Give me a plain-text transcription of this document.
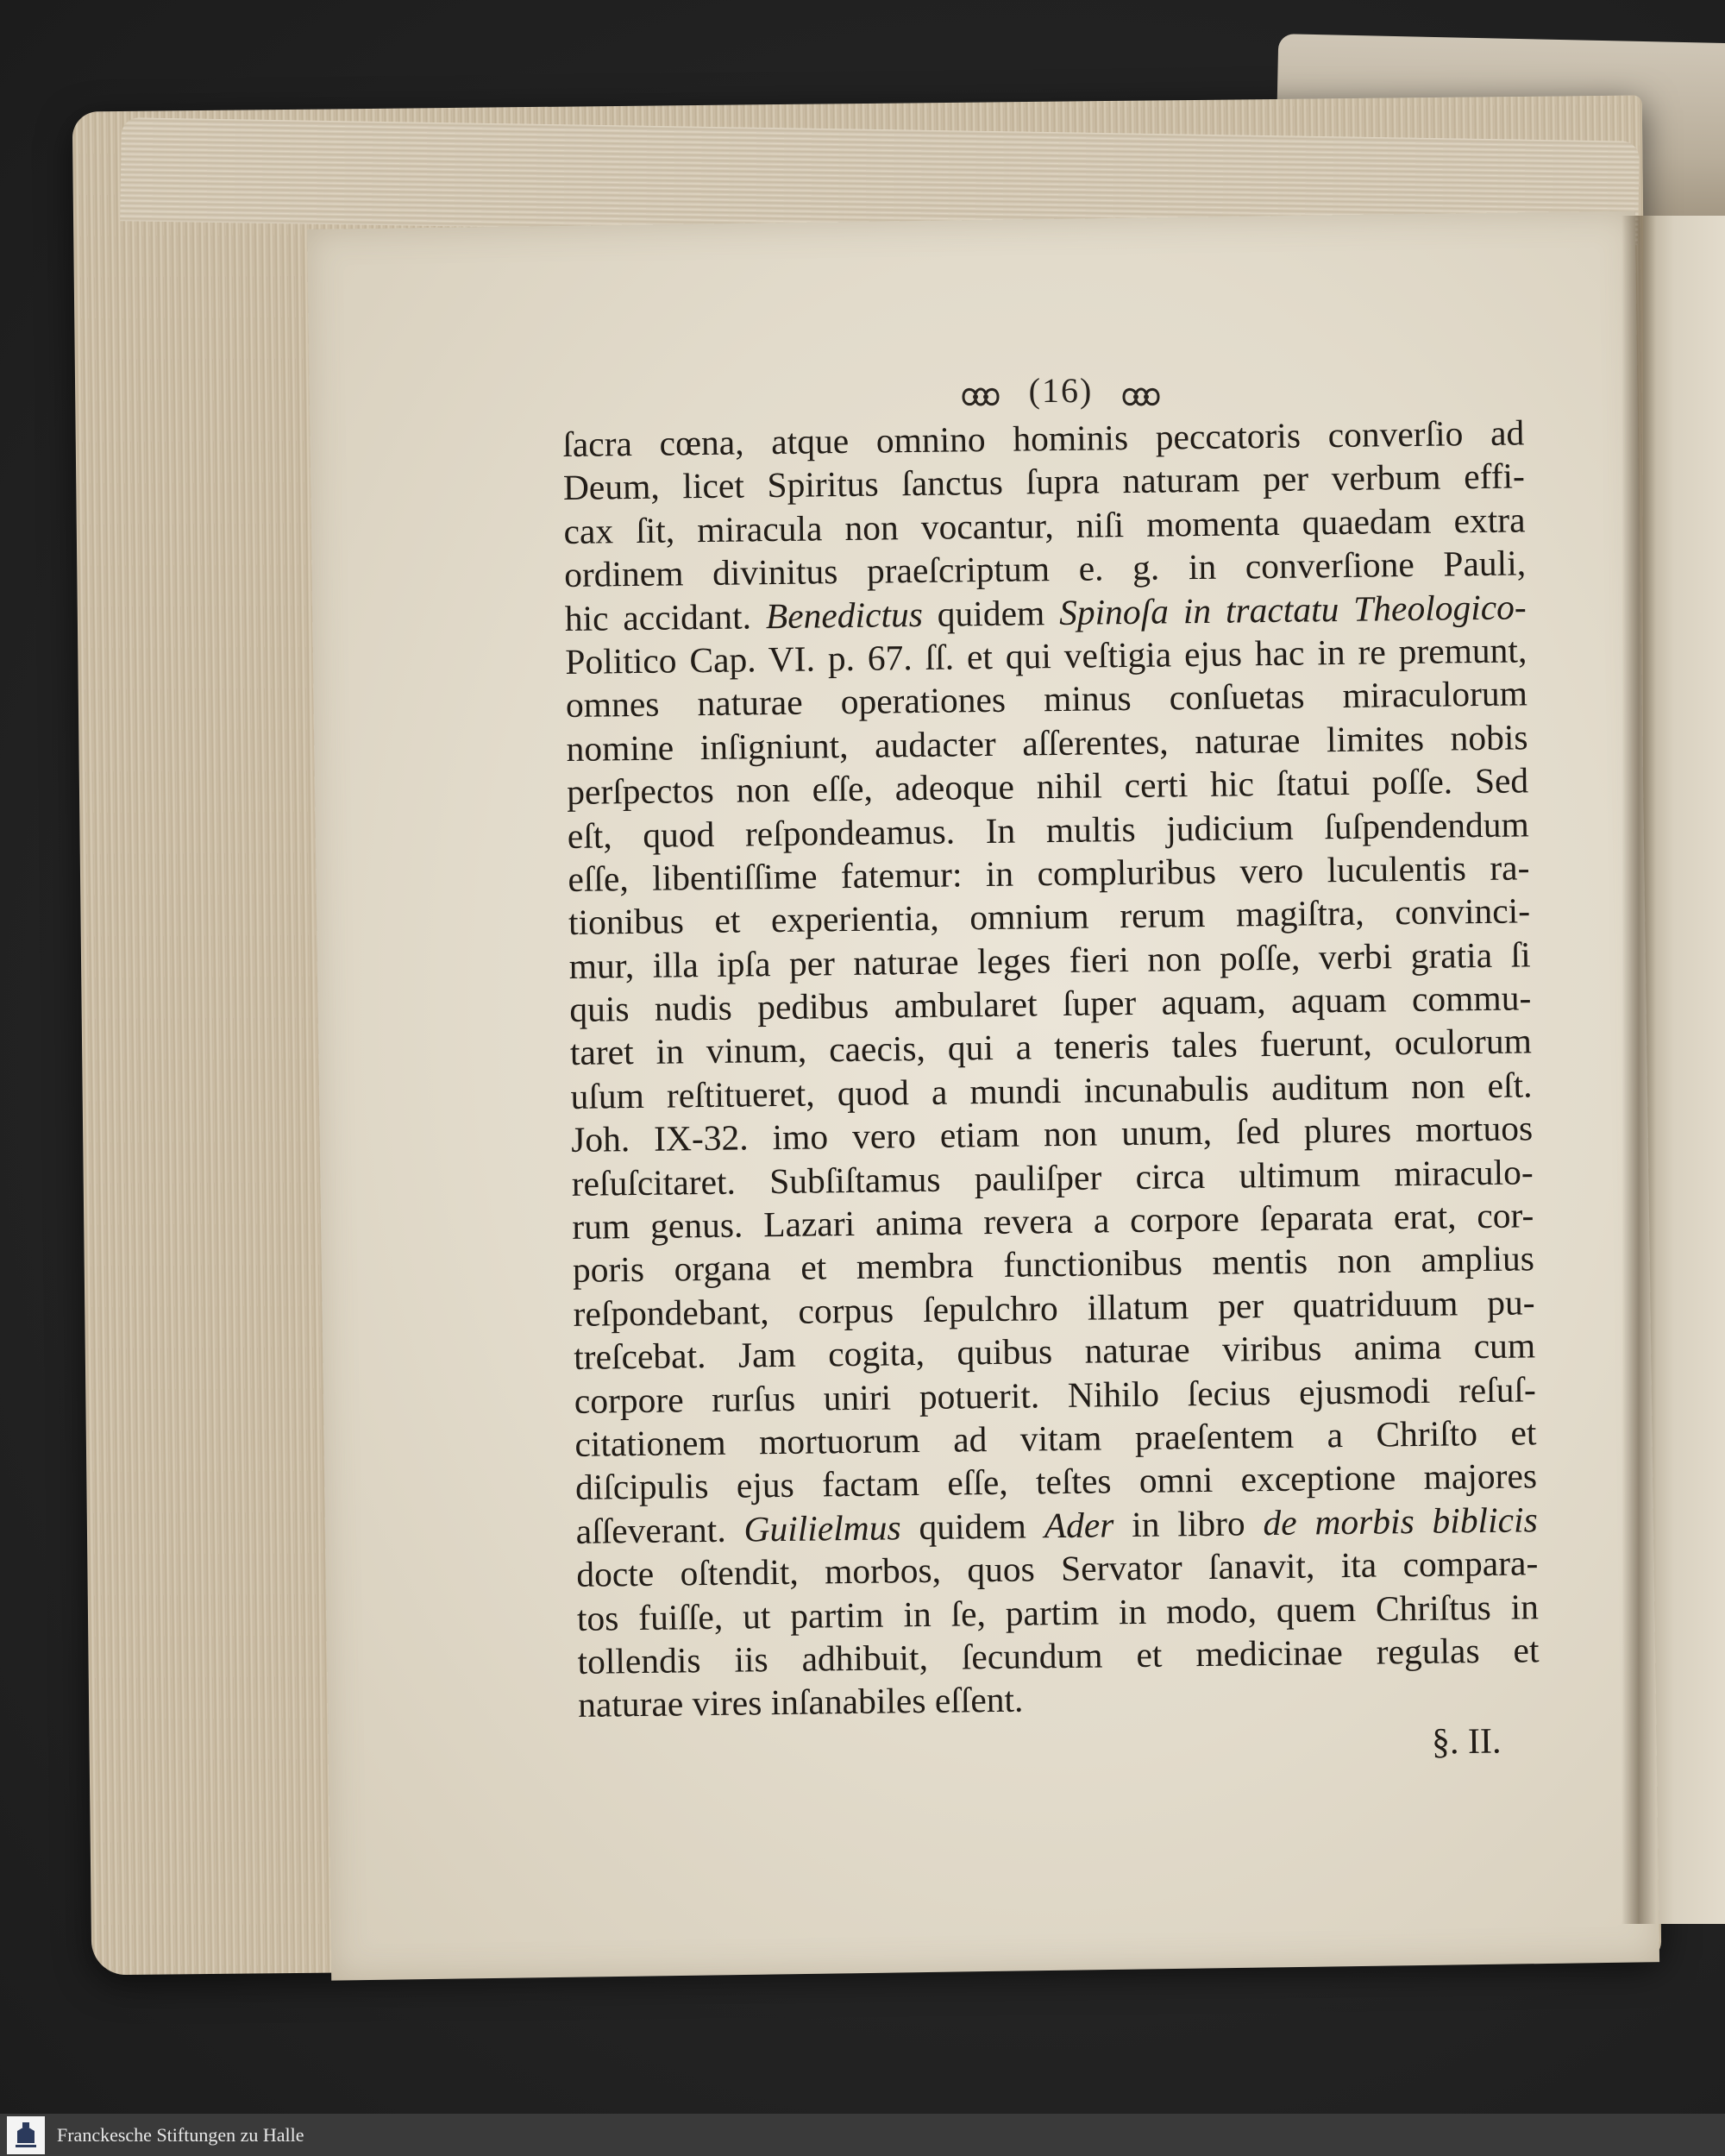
(16)
ſacra cœna, atque omnino hominis peccatoris converſio ad
Deum, licet Spiritus ſanctus ſupra naturam per verbum effi-
cax ſit, miracula non vocantur, niſi momenta quaedam extra
ordinem divinitus praeſcriptum e. g. in converſione Pauli,
hic accidant. Benedictus quidem Spinoſa in tractatu Theologico-
Politico Cap. VI. p. 67. ſſ. et qui veſtigia ejus hac in re premunt,
omnes naturae operationes minus conſuetas miraculorum
nomine inſigniunt, audacter aſſerentes, naturae limites nobis
perſpectos non eſſe, adeoque nihil certi hic ſtatui poſſe. Sed
eſt, quod reſpondeamus. In multis judicium ſuſpendendum
eſſe, libentiſſime fatemur: in compluribus vero luculentis ra-
tionibus et experientia, omnium rerum magiſtra, convinci-
mur, illa ipſa per naturae leges fieri non poſſe, verbi gratia ſi
quis nudis pedibus ambularet ſuper aquam, aquam commu-
taret in vinum, caecis, qui a teneris tales fuerunt, oculorum
uſum reſtitueret, quod a mundi incunabulis auditum non eſt.
Joh. IX-32. imo vero etiam non unum, ſed plures mortuos
reſuſcitaret. Subſiſtamus pauliſper circa ultimum miraculo-
rum genus. Lazari anima revera a corpore ſeparata erat, cor-
poris organa et membra functionibus mentis non amplius
reſpondebant, corpus ſepulchro illatum per quatriduum pu-
treſcebat. Jam cogita, quibus naturae viribus anima cum
corpore rurſus uniri potuerit. Nihilo ſecius ejusmodi reſuſ-
citationem mortuorum ad vitam praeſentem a Chriſto et
diſcipulis ejus factam eſſe, teſtes omni exceptione majores
aſſeverant. Guilielmus quidem Ader in libro de morbis biblicis
docte oſtendit, morbos, quos Servator ſanavit, ita compara-
tos fuiſſe, ut partim in ſe, partim in modo, quem Chriſtus in
tollendis iis adhibuit, ſecundum et medicinae regulas et
naturae vires inſanabiles eſſent.
§. II.
Franckesche Stiftungen zu Halle
